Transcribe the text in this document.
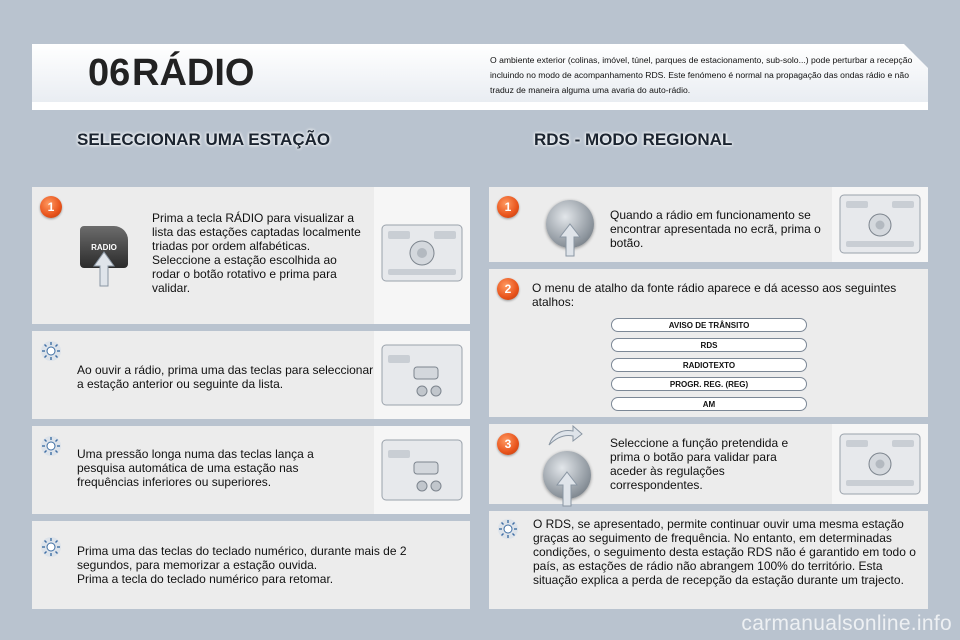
06 RÁDIO	O ambiente exterior (colinas, imóvel, túnel, parques de estacionamento, sub-solo...) pode perturbar a recepção incluindo no modo de acompanhamento RDS. Este fenómeno é normal na propagação das ondas rádio e não traduz de maneira alguma uma avaria do auto-rádio.
SELECCIONAR UMA ESTAÇÃO	RDS - MODO REGIONAL
1
RADIO
Prima a tecla RÁDIO para visualizar a lista das estações captadas localmente triadas por ordem alfabéticas.
Seleccione a estação escolhida ao rodar o botão rotativo e prima para validar.
Ao ouvir a rádio, prima uma das teclas para seleccionar a estação anterior ou seguinte da lista.
Uma pressão longa numa das teclas lança a pesquisa automática de uma estação nas frequências inferiores ou superiores.
Prima uma das teclas do teclado numérico, durante mais de 2 segundos, para memorizar a estação ouvida.
Prima a tecla do teclado numérico para retomar.
1
Quando a rádio em funcionamento se encontrar apresentada no ecrã, prima o botão.
2	O menu de atalho da fonte rádio aparece e dá acesso aos seguintes atalhos:
AVISO DE TRÂNSITO
RDS
RADIOTEXTO
PROGR. REG. (REG)
AM
3	Seleccione a função pretendida e prima o botão para validar para aceder às regulações correspondentes.
O RDS, se apresentado, permite continuar ouvir uma mesma estação graças ao seguimento de frequência. No entanto, em determinadas condições, o seguimento desta estação RDS não é garantido em todo o país, as estações de rádio não abrangem 100% do território. Esta situação explica a perda de recepção da estação durante um trajecto.
carmanualsonline.info
